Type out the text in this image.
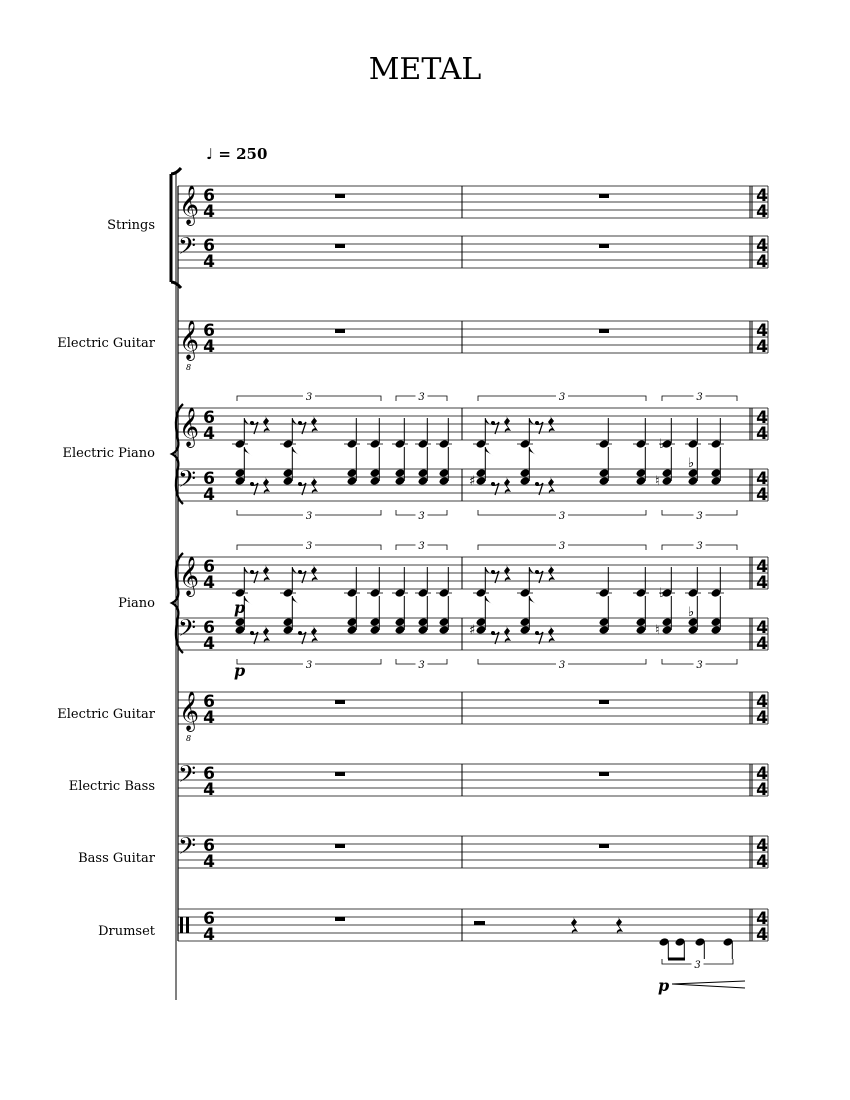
METAL
♩ = 250
Strings
Electric Guitar
Electric Piano
Piano
Electric Guitar
Electric Bass
Bass Guitar
Drumset
𝄞 6
4
4
4
𝄢 6
4
4
4
𝄞
8
6
4
4
4
𝄞 6
4
4
4
𝄢 6
4
4
4
𝄞 6
4
4
4
𝄢 6
4
4
4
𝄞
8
6
4
4
4
𝄢 6
4
4
4
𝄢 6
4
4
4
6
4
4
4
♭
3	3	3	3
♯	♮
♭
3	3	3	3
♭
3	3	3	3
p
♯	♮
♭
3	3	3	3
p
3
p
